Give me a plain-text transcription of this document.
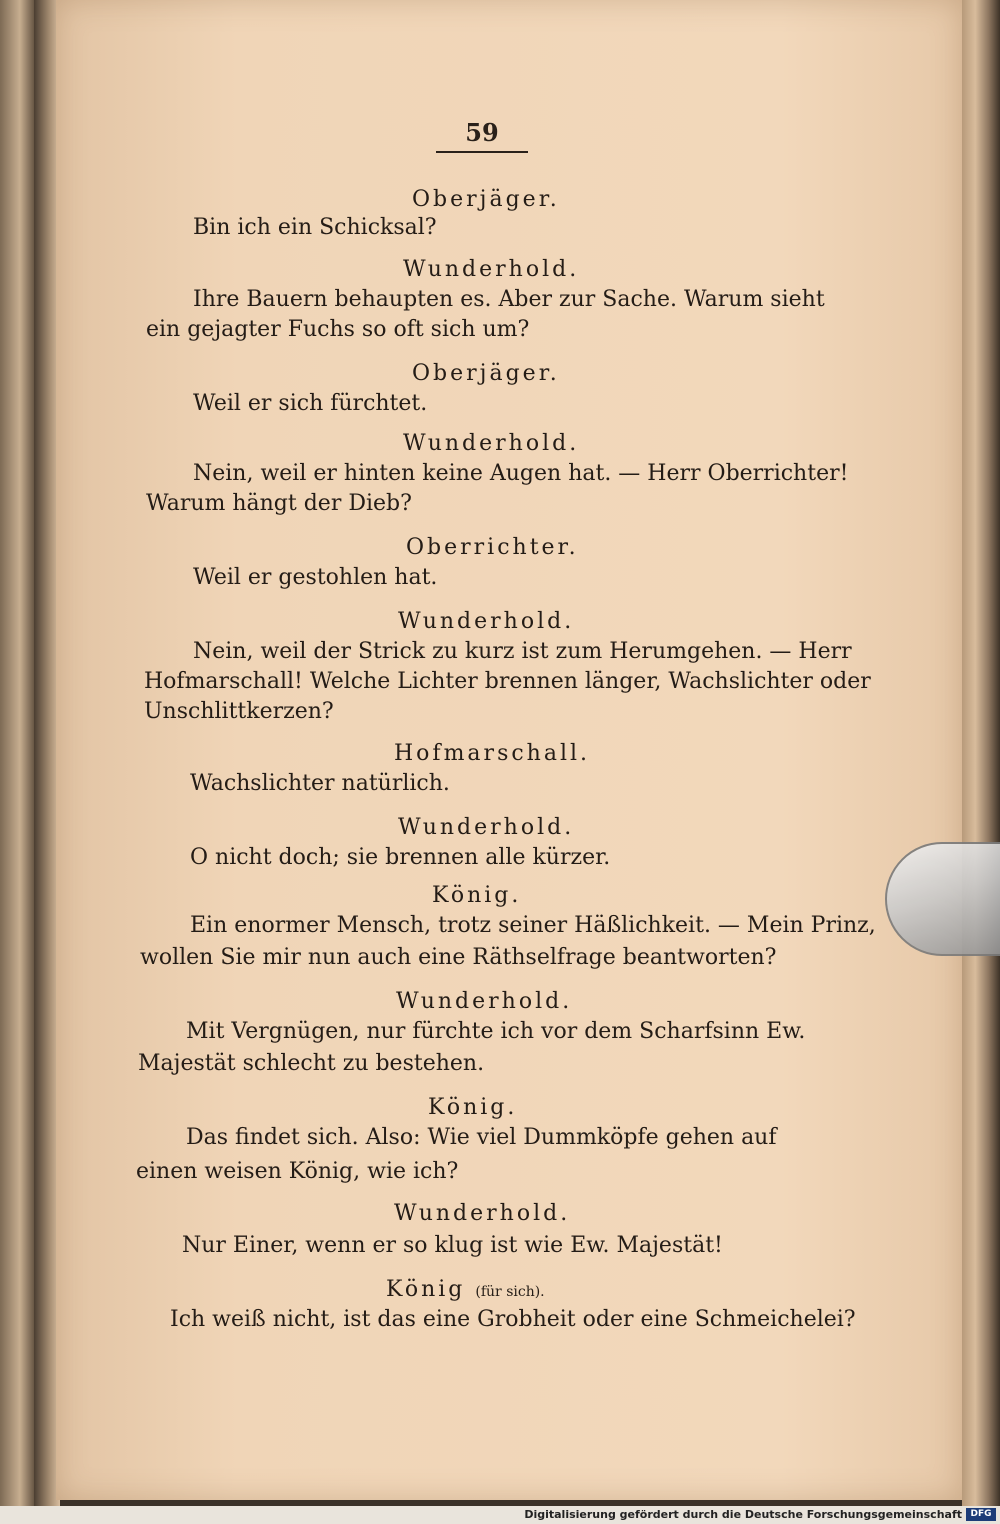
59
Oberjäger.
Bin ich ein Schicksal?
Wunderhold.
Ihre Bauern behaupten es. Aber zur Sache. Warum sieht
ein gejagter Fuchs so oft sich um?
Oberjäger.
Weil er sich fürchtet.
Wunderhold.
Nein, weil er hinten keine Augen hat. — Herr Oberrichter!
Warum hängt der Dieb?
Oberrichter.
Weil er gestohlen hat.
Wunderhold.
Nein, weil der Strick zu kurz ist zum Herumgehen. — Herr
Hofmarschall! Welche Lichter brennen länger, Wachslichter oder
Unschlittkerzen?
Hofmarschall.
Wachslichter natürlich.
Wunderhold.
O nicht doch; sie brennen alle kürzer.
König.
Ein enormer Mensch, trotz seiner Häßlichkeit. — Mein Prinz,
wollen Sie mir nun auch eine Räthselfrage beantworten?
Wunderhold.
Mit Vergnügen, nur fürchte ich vor dem Scharfsinn Ew.
Majestät schlecht zu bestehen.
König.
Das findet sich. Also: Wie viel Dummköpfe gehen auf
einen weisen König, wie ich?
Wunderhold.
Nur Einer, wenn er so klug ist wie Ew. Majestät!
König (für sich).
Ich weiß nicht, ist das eine Grobheit oder eine Schmeichelei?
Digitalisierung gefördert durch die Deutsche Forschungsgemeinschaft DFG
